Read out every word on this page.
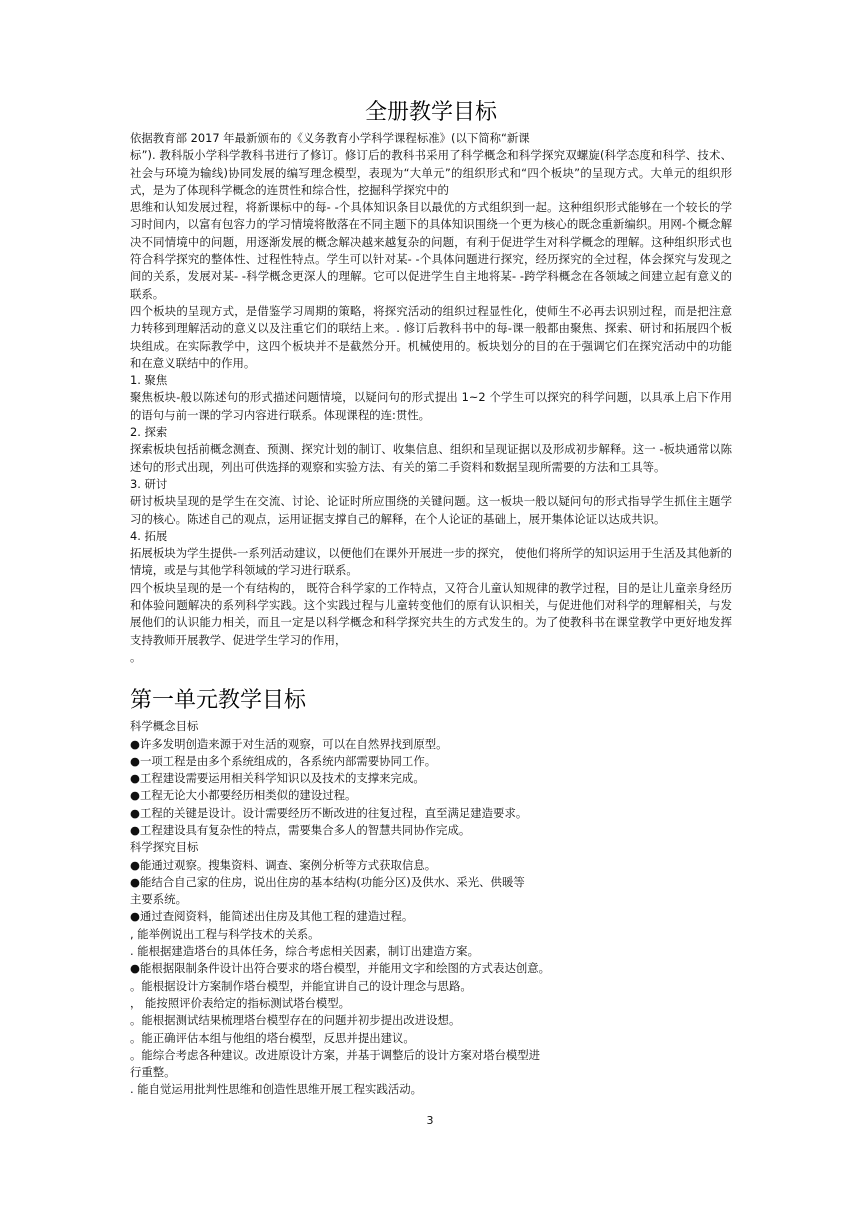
全册教学目标

依据教育部 2017 年最新颁布的《义务教育小学科学课程标准》(以下简称“新课

标”). 教科版小学科学教科书进行了修订。修订后的教科书采用了科学概念和科学探究双螺旋(科学态度和科学、技术、社会与环境为输线)协同发展的编写理念模型，表现为“大单元”的组织形式和“四个板块”的呈现方式。大单元的组织形式，是为了体现科学概念的连贯性和综合性，挖掘科学探究中的

思维和认知发展过程，将新课标中的每- -个具体知识条目以最优的方式组织到一起。这种组织形式能够在一个较长的学习时间内，以富有包容力的学习情境将散落在不同主题下的具体知识围绕一个更为核心的既念重新编织。用网-个概念解决不同情境中的问题，用逐渐发展的概念解决越来越复杂的问题，有利于促进学生对科学概念的理解。这种组织形式也符合科学探究的整体性、过程性特点。学生可以针对某- -个具体问题进行探究，经历探究的全过程，体会探究与发现之间的关系，发展对某- -科学概念更深人的理解。它可以促进学生自主地将某- -跨学科概念在各领域之间建立起有意义的联系。

四个板块的呈现方式，是借鉴学习周期的策略，将探究活动的组织过程显性化，使师生不必再去识别过程，而是把注意力转移到理解活动的意义以及注重它们的联结上来。. 修订后教科书中的每-课一般都由聚焦、探索、研讨和拓展四个板块组成。在实际教学中，这四个板块并不是截然分开。机械使用的。板块划分的目的在于强调它们在探究活动中的功能和在意义联结中的作用。

1. 聚焦

聚焦板块-般以陈述句的形式描述问题情境，以疑问句的形式提出 1~2 个学生可以探究的科学问题，以具承上启下作用的语句与前一课的学习内容进行联系。体现课程的连:贯性。

2. 探索

探索板块包括前概念测查、预测、探究计划的制订、收集信息、组织和呈现证据以及形成初步解释。这一 -板块通常以陈述句的形式出现，列出可供选择的观察和实验方法、有关的第二手资料和数据呈现所需要的方法和工具等。

3. 研讨

研讨板块呈现的是学生在交流、讨论、论证时所应围绕的关键问题。这一板块一般以疑问句的形式指导学生抓住主题学习的核心。陈述自己的观点，运用证据支撑自己的解释，在个人论证的基础上，展开集体论证以达成共识。

4. 拓展

拓展板块为学生提供-一系列活动建议，以便他们在课外开展进一步的探究， 使他们将所学的知识运用于生活及其他新的情境，或是与其他学科领域的学习进行联系。

四个板块呈现的是一个有结构的， 既符合科学家的工作特点，又符合儿童认知规律的教学过程，目的是让儿童亲身经历和体验问题解决的系列科学实践。这个实践过程与儿童转变他们的原有认识相关，与促进他们对科学的理解相关，与发展他们的认识能力相关，而且一定是以科学概念和科学探究共生的方式发生的。为了使教科书在课堂教学中更好地发挥支持教师开展教学、促进学生学习的作用，

。

第一单元教学目标

科学概念目标

●许多发明创造来源于对生活的观察，可以在自然界找到原型。

●一项工程是由多个系统组成的，各系统内部需要协同工作。

●工程建设需要运用相关科学知识以及技术的支撑来完成。

●工程无论大小都要经历相类似的建设过程。

●工程的关键是设计。设计需要经历不断改进的往复过程，直至满足建造要求。

●工程建设具有复杂性的特点，需要集合多人的智慧共同协作完成。

科学探究目标

●能通过观察。搜集资料、调查、案例分析等方式获取信息。

●能结合自己家的住房，说出住房的基本结构(功能分区)及供水、采光、供暖等

主要系统。

●通过查阅资料，能简述出住房及其他工程的建造过程。

, 能举例说出工程与科学技术的关系。

. 能根据建造塔台的具体任务，综合考虑相关因素，制订出建造方案。

●能根据限制条件设计出符合要求的塔台模型，并能用文字和绘图的方式表达创意。

。能根据设计方案制作塔台模型，并能宜讲自己的设计理念与思路。

， 能按照评价表给定的指标测试塔台模型。

。能根据测试结果梳理塔台模型存在的问题并初步提出改进设想。

。能正确评估本组与他组的塔台模型，反思并提出建议。

。能综合考虑各种建议。改进原设计方案，并基于调整后的设计方案对塔台模型进

行重整。

. 能自觉运用批判性思维和创造性思维开展工程实践活动。

3
